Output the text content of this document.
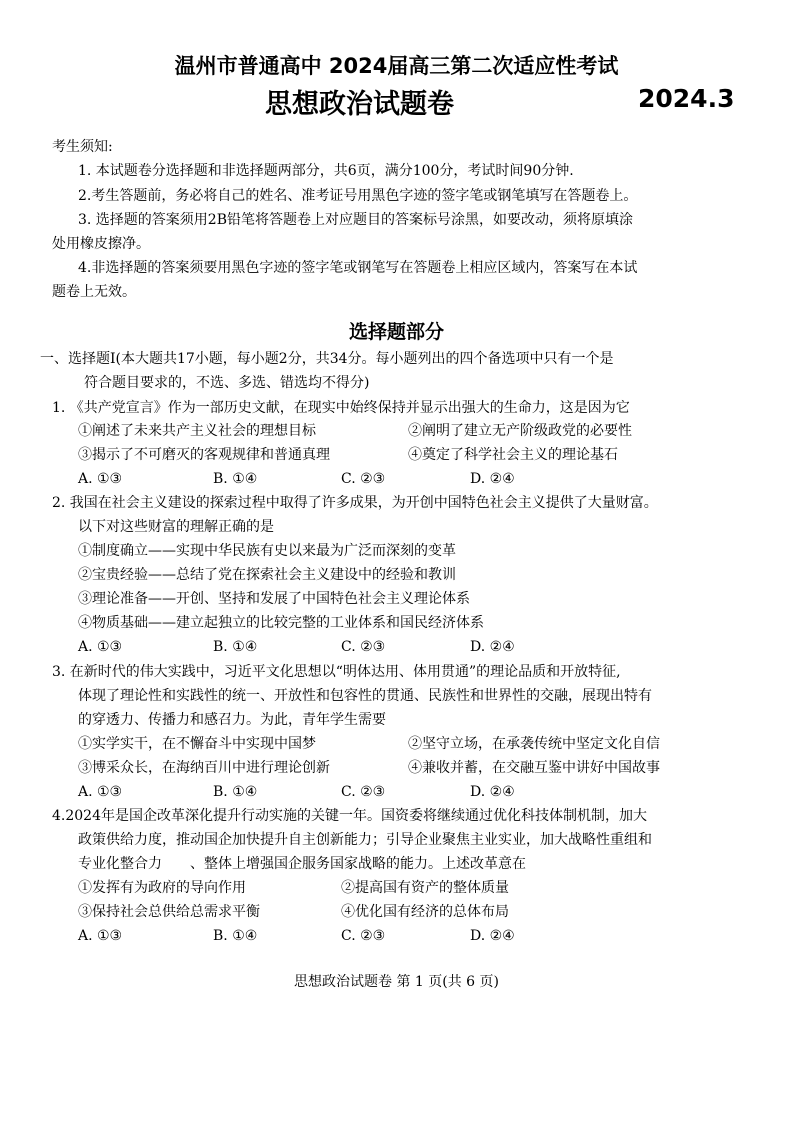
温州市普通高中 2024届高三第二次适应性考试
思想政治试题卷	2024.3
考生须知:
1. 本试题卷分选择题和非选择题两部分，共6页，满分100分，考试时间90分钟.
2.考生答题前，务必将自己的姓名、准考证号用黑色字迹的签字笔或钢笔填写在答题卷上。
3. 选择题的答案须用2B铅笔将答题卷上对应题目的答案标号涂黑，如要改动，须将原填涂
处用橡皮擦净。
4.非选择题的答案须要用黑色字迹的签字笔或钢笔写在答题卷上相应区域内，答案写在本试
题卷上无效。
选择题部分
一、选择题Ⅰ(本大题共17小题，每小题2分，共34分。每小题列出的四个备选项中只有一个是
符合题目要求的，不选、多选、错选均不得分)
1. 《共产党宣言》作为一部历史文献，在现实中始终保持并显示出强大的生命力，这是因为它
①阐述了未来共产主义社会的理想目标	②阐明了建立无产阶级政党的必要性
③揭示了不可磨灭的客观规律和普通真理	④奠定了科学社会主义的理论基石
A. ①③	B. ①④	C. ②③	D. ②④
2. 我国在社会主义建设的探索过程中取得了许多成果，为开创中国特色社会主义提供了大量财富。
以下对这些财富的理解正确的是
①制度确立——实现中华民族有史以来最为广泛而深刻的变革
②宝贵经验——总结了党在探索社会主义建设中的经验和教训
③理论准备——开创、坚持和发展了中国特色社会主义理论体系
④物质基础——建立起独立的比较完整的工业体系和国民经济体系
A. ①③	B. ①④	C. ②③	D. ②④
3. 在新时代的伟大实践中，习近平文化思想以“明体达用、体用贯通”的理论品质和开放特征,
体现了理论性和实践性的统一、开放性和包容性的贯通、民族性和世界性的交融，展现出特有
的穿透力、传播力和感召力。为此，青年学生需要
①实学实干，在不懈奋斗中实现中国梦	②坚守立场，在承袭传统中坚定文化自信
③博采众长，在海纳百川中进行理论创新	④兼收并蓄，在交融互鉴中讲好中国故事
A. ①③	B. ①④	C. ②③	D. ②④
4.2024年是国企改革深化提升行动实施的关键一年。国资委将继续通过优化科技体制机制，加大
政策供给力度，推动国企加快提升自主创新能力；引导企业聚焦主业实业，加大战略性重组和
专业化整合力　　、整体上增强国企服务国家战略的能力。上述改革意在
①发挥有为政府的导向作用	②提高国有资产的整体质量
③保持社会总供给总需求平衡	④优化国有经济的总体布局
A. ①③	B. ①④	C. ②③	D. ②④
思想政治试题卷 第 1 页(共 6 页)
